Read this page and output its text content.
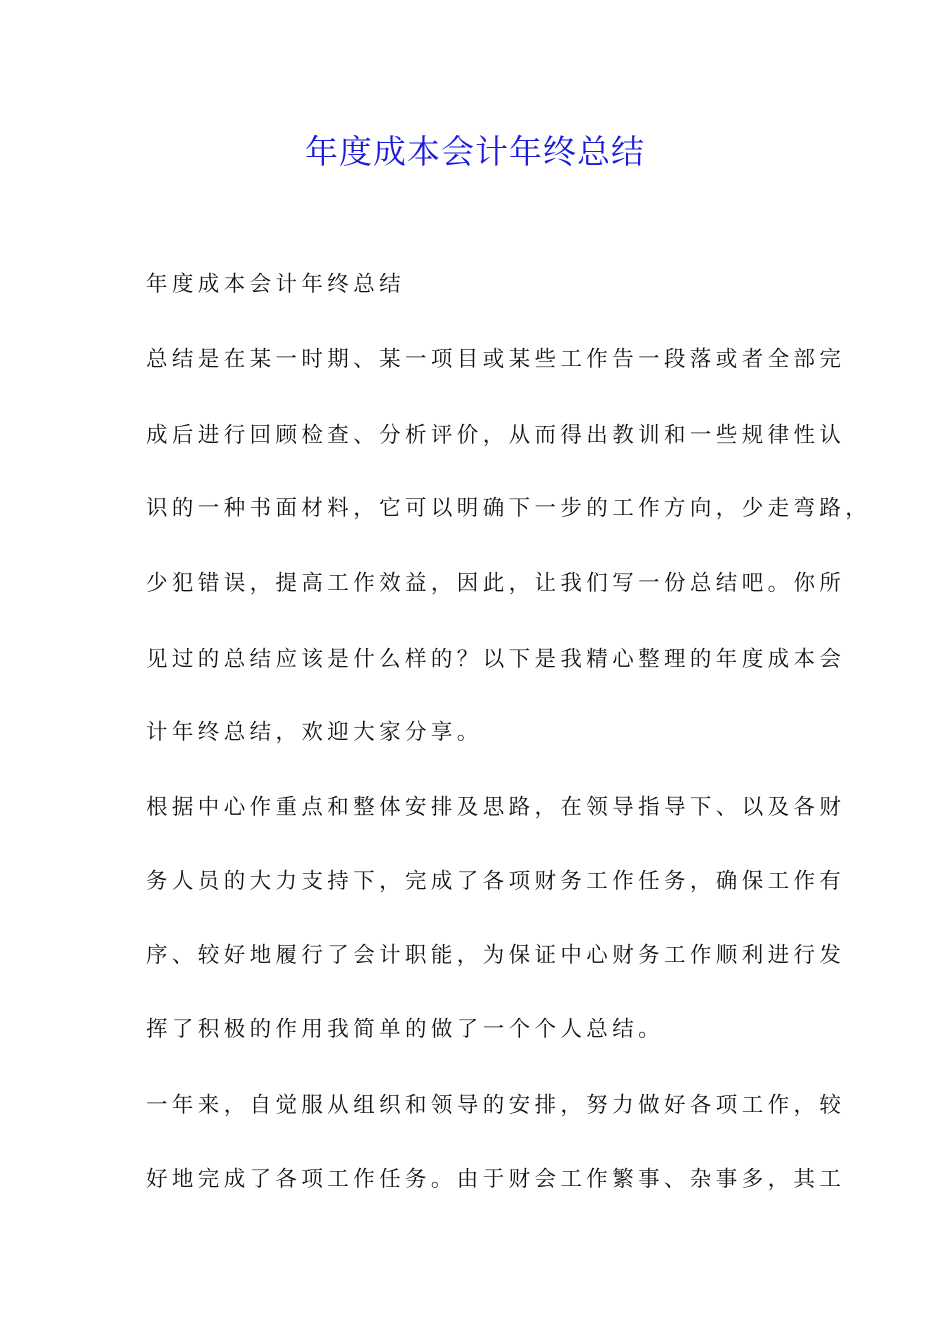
年度成本会计年终总结
年度成本会计年终总结
总结是在某一时期、某一项目或某些工作告一段落或者全部完
成后进行回顾检查、分析评价，从而得出教训和一些规律性认
识的一种书面材料，它可以明确下一步的工作方向，少走弯路，
少犯错误，提高工作效益，因此，让我们写一份总结吧。你所
见过的总结应该是什么样的？以下是我精心整理的年度成本会
计年终总结，欢迎大家分享。
根据中心作重点和整体安排及思路，在领导指导下、以及各财
务人员的大力支持下，完成了各项财务工作任务，确保工作有
序、较好地履行了会计职能，为保证中心财务工作顺利进行发
挥了积极的作用我简单的做了一个个人总结。
一年来，自觉服从组织和领导的安排，努力做好各项工作，较
好地完成了各项工作任务。由于财会工作繁事、杂事多，其工
